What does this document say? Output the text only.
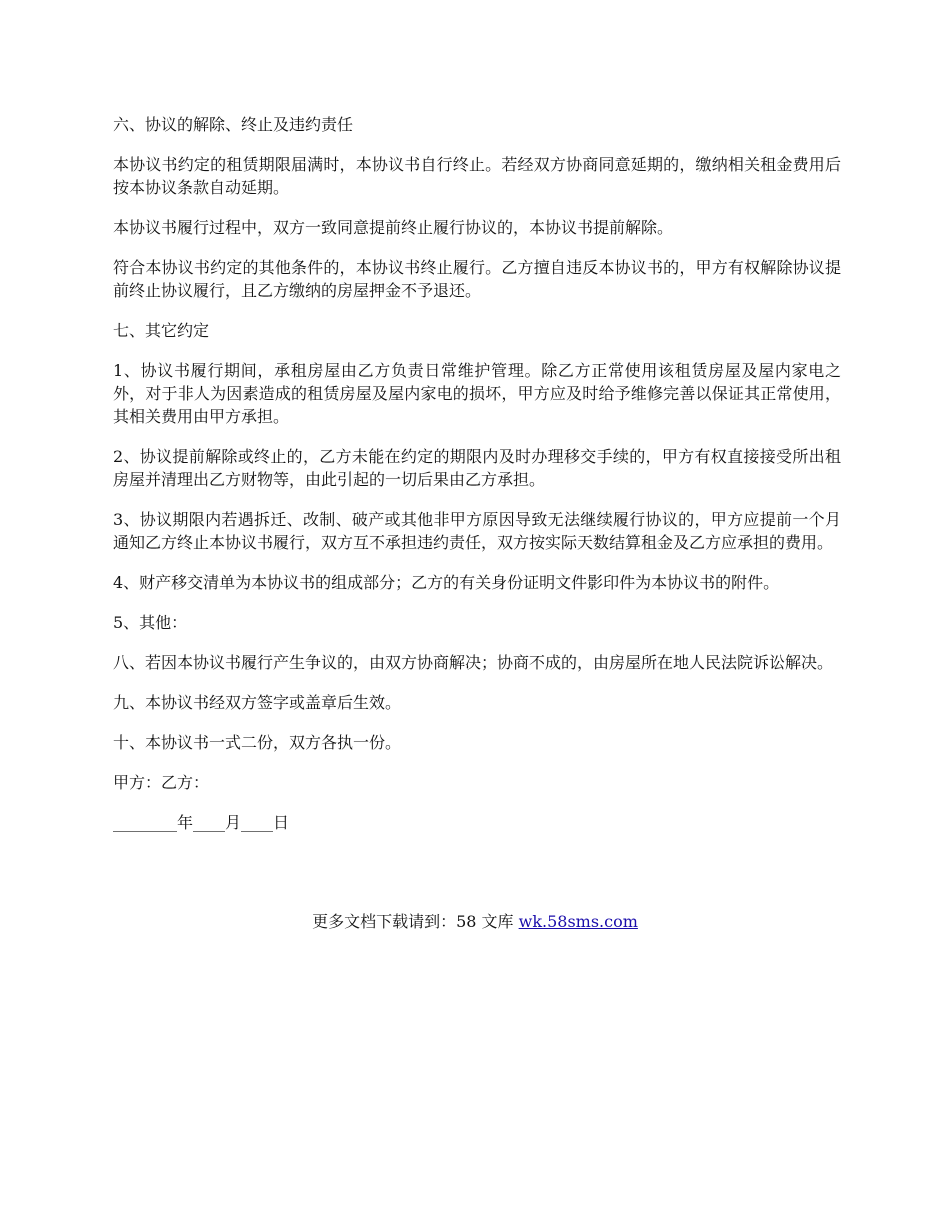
六、协议的解除、终止及违约责任

本协议书约定的租赁期限届满时，本协议书自行终止。若经双方协商同意延期的，缴纳相关租金费用后按本协议条款自动延期。

本协议书履行过程中，双方一致同意提前终止履行协议的，本协议书提前解除。

符合本协议书约定的其他条件的，本协议书终止履行。乙方擅自违反本协议书的，甲方有权解除协议提前终止协议履行，且乙方缴纳的房屋押金不予退还。

七、其它约定

1、协议书履行期间，承租房屋由乙方负责日常维护管理。除乙方正常使用该租赁房屋及屋内家电之外，对于非人为因素造成的租赁房屋及屋内家电的损坏，甲方应及时给予维修完善以保证其正常使用，其相关费用由甲方承担。

2、协议提前解除或终止的，乙方未能在约定的期限内及时办理移交手续的，甲方有权直接接受所出租房屋并清理出乙方财物等，由此引起的一切后果由乙方承担。

3、协议期限内若遇拆迁、改制、破产或其他非甲方原因导致无法继续履行协议的，甲方应提前一个月通知乙方终止本协议书履行，双方互不承担违约责任，双方按实际天数结算租金及乙方应承担的费用。

4、财产移交清单为本协议书的组成部分；乙方的有关身份证明文件影印件为本协议书的附件。

5、其他：

八、若因本协议书履行产生争议的，由双方协商解决；协商不成的，由房屋所在地人民法院诉讼解决。

九、本协议书经双方签字或盖章后生效。

十、本协议书一式二份，双方各执一份。

甲方：乙方：

________年____月____日

更多文档下载请到：58 文库 wk.58sms.com
